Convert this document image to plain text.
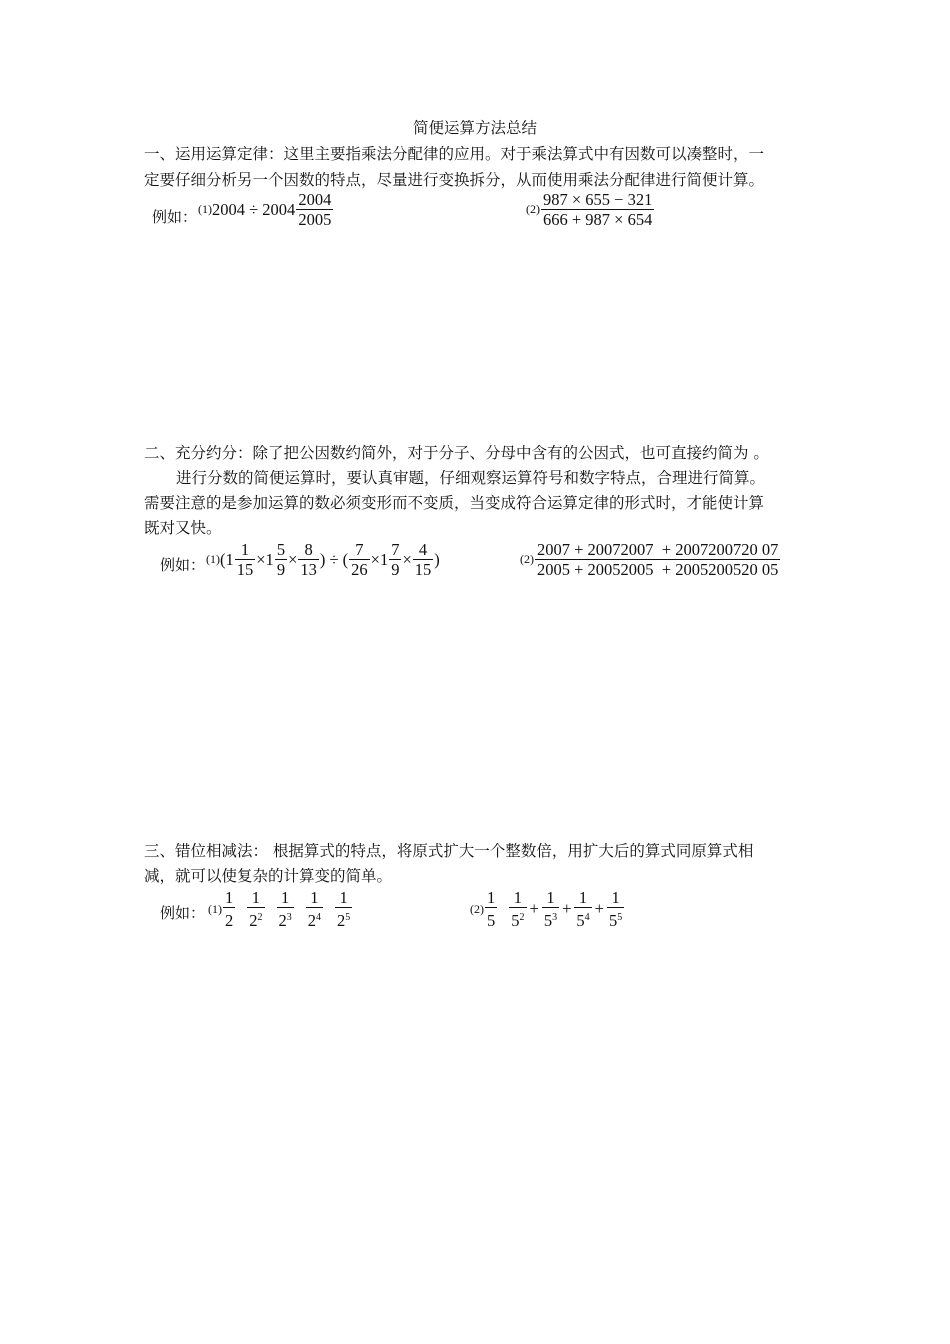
简便运算方法总结
一、运用运算定律：这里主要指乘法分配律的应用。对于乘法算式中有因数可以凑整时，一
定要仔细分析另一个因数的特点，尽量进行变换拆分，从而使用乘法分配律进行简便计算。
例如： (1) $2004 \div 2004 \frac{2004}{2005}$	$(2) \frac{987 \times 655 - 321}{666 + 987 \times 654}$
二、充分约分：除了把公因数约简外，对于分子、分母中含有的公因式，也可直接约简为 。
进行分数的简便运算时，要认真审题，仔细观察运算符号和数字特点，合理进行简算。
需要注意的是参加运算的数必须变形而不变质，当变成符合运算定律的形式时，才能使计算
既对又快。
例如： (1) ($1 \frac{1}{15} \times 1 \frac{5}{9} \times \frac{8}{13}$ ) ÷ ( $\frac{7}{26} \times 1 \frac{7}{9} \times \frac{4}{15}$ )	$(2) \frac{2007 + 20072007 + 2007200720 07}{2005 + 20052005 + 2005200520 05}$
三、错位相减法： 根据算式的特点，将原式扩大一个整数倍，用扩大后的算式同原算式相
减，就可以使复杂的计算变的简单。
例如： $(1) \frac{1}{2} \frac{1}{2^2} \frac{1}{2^3} \frac{1}{2^4} \frac{1}{2^5}$	$(2) \frac{1}{5} \frac{1}{5^2} + \frac{1}{5^3} + \frac{1}{5^4} + \frac{1}{5^5}$
